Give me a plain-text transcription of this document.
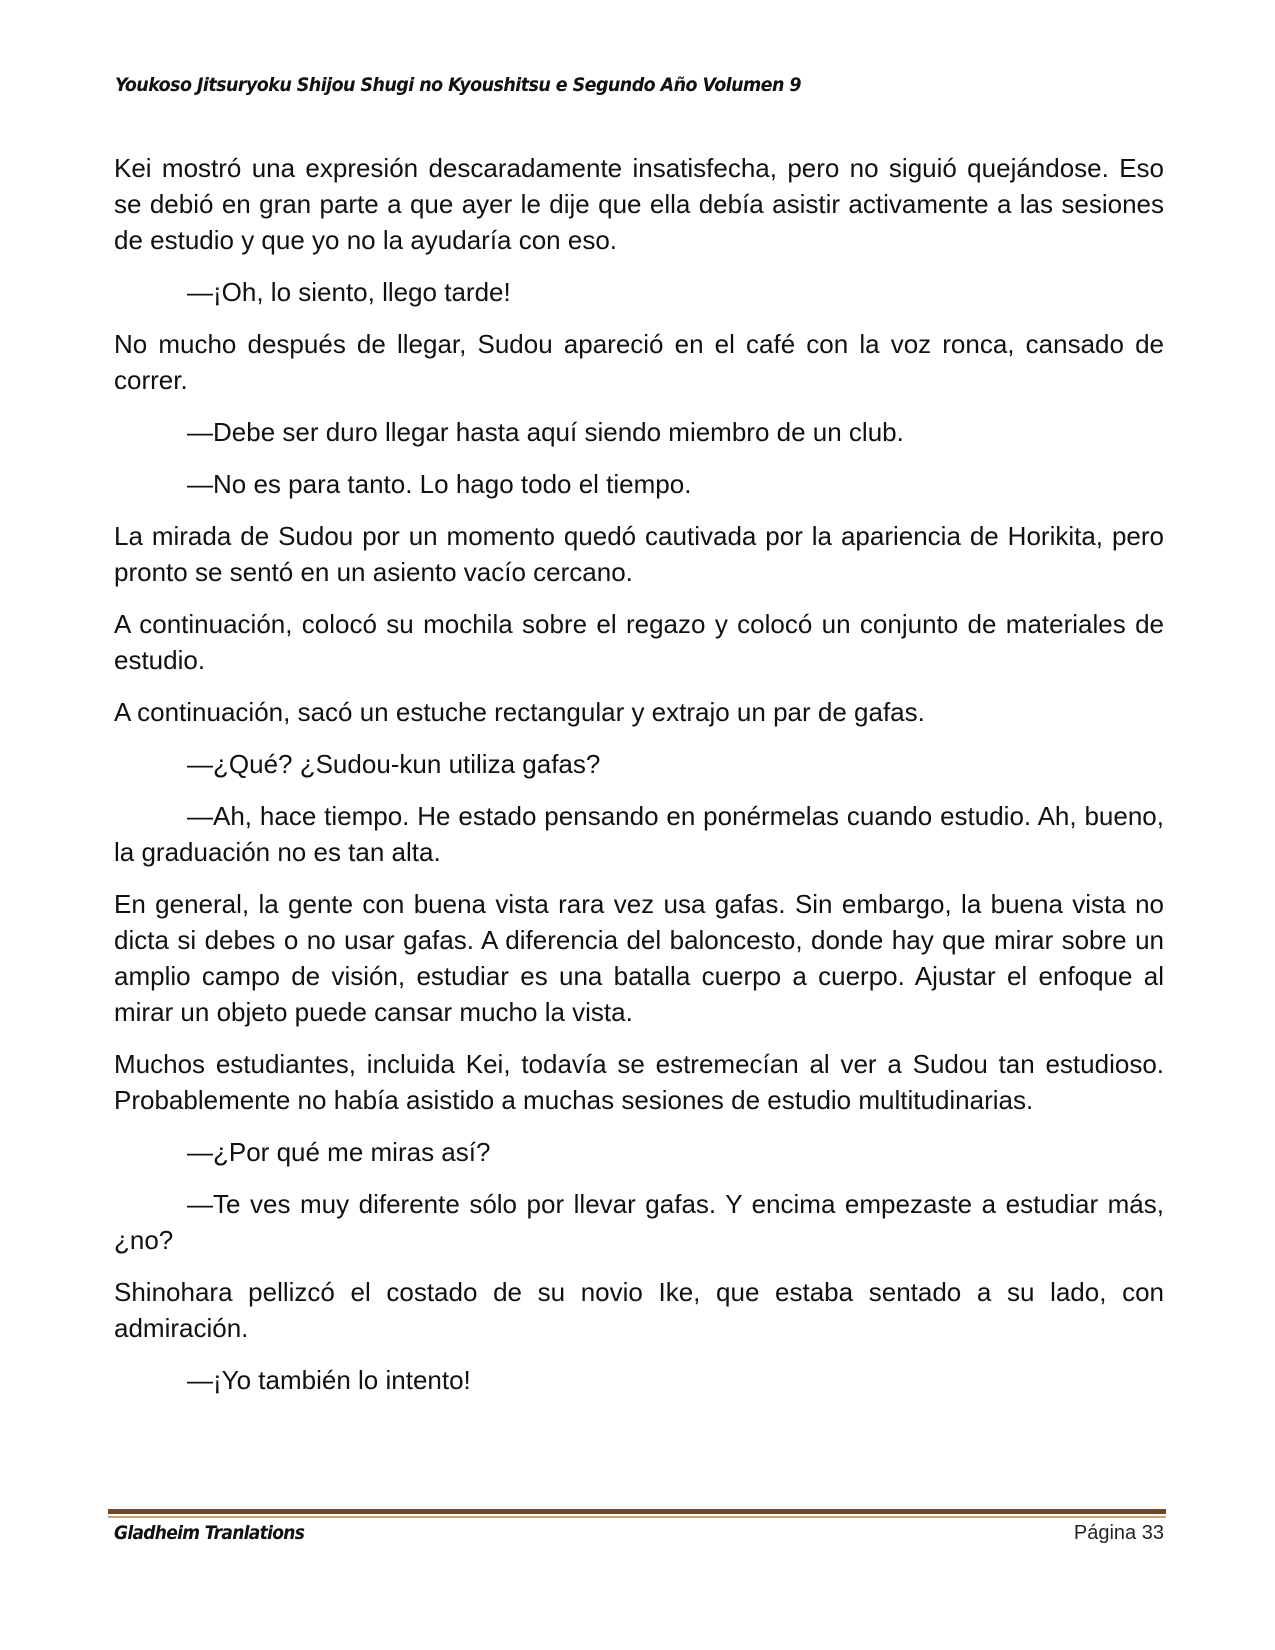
Youkoso Jitsuryoku Shijou Shugi no Kyoushitsu e Segundo Año Volumen 9

Kei mostró una expresión descaradamente insatisfecha, pero no siguió quejándose. Eso se debió en gran parte a que ayer le dije que ella debía asistir activamente a las sesiones de estudio y que yo no la ayudaría con eso.

—¡Oh, lo siento, llego tarde!

No mucho después de llegar, Sudou apareció en el café con la voz ronca, cansado de correr.

—Debe ser duro llegar hasta aquí siendo miembro de un club.

—No es para tanto. Lo hago todo el tiempo.

La mirada de Sudou por un momento quedó cautivada por la apariencia de Horikita, pero pronto se sentó en un asiento vacío cercano.

A continuación, colocó su mochila sobre el regazo y colocó un conjunto de materiales de estudio.

A continuación, sacó un estuche rectangular y extrajo un par de gafas.

—¿Qué? ¿Sudou-kun utiliza gafas?

—Ah, hace tiempo. He estado pensando en ponérmelas cuando estudio. Ah, bueno, la graduación no es tan alta.

En general, la gente con buena vista rara vez usa gafas. Sin embargo, la buena vista no dicta si debes o no usar gafas. A diferencia del baloncesto, donde hay que mirar sobre un amplio campo de visión, estudiar es una batalla cuerpo a cuerpo. Ajustar el enfoque al mirar un objeto puede cansar mucho la vista.

Muchos estudiantes, incluida Kei, todavía se estremecían al ver a Sudou tan estudioso. Probablemente no había asistido a muchas sesiones de estudio multitudinarias.

—¿Por qué me miras así?

—Te ves muy diferente sólo por llevar gafas. Y encima empezaste a estudiar más, ¿no?

Shinohara pellizcó el costado de su novio Ike, que estaba sentado a su lado, con admiración.

—¡Yo también lo intento!

Gladheim Tranlations	Página 33
